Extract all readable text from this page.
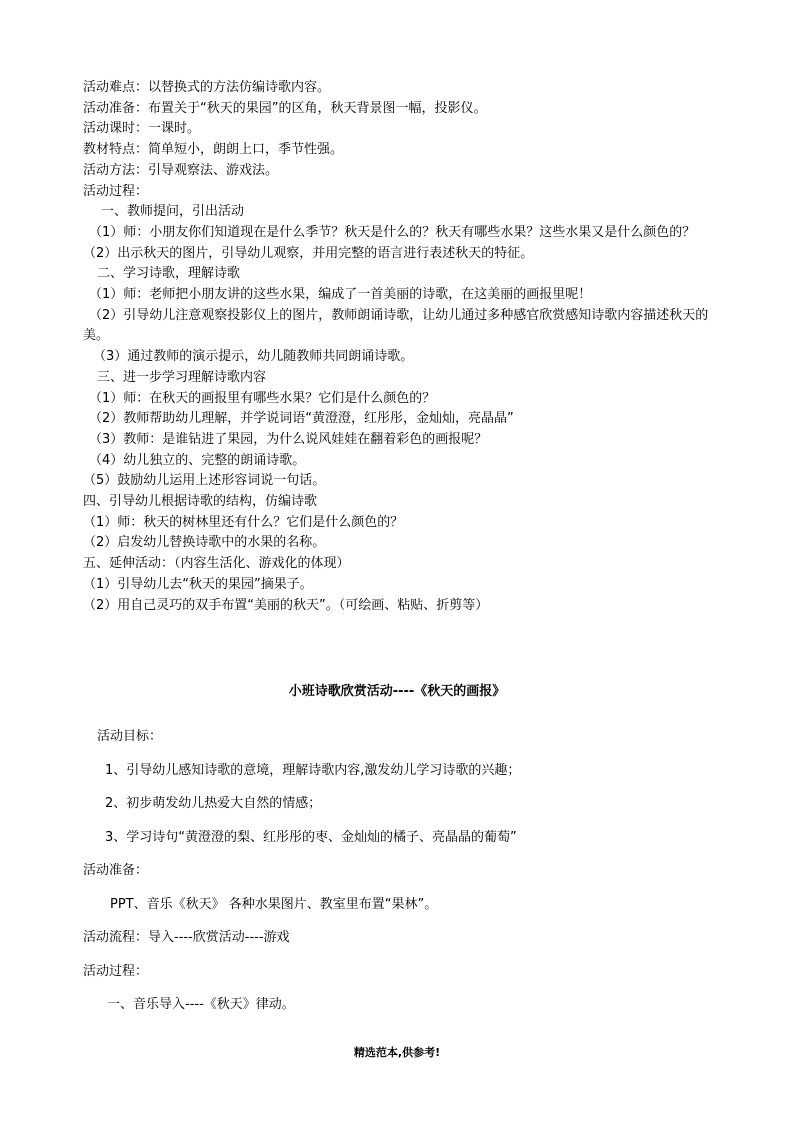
活动难点：以替换式的方法仿编诗歌内容。
活动准备：布置关于“秋天的果园”的区角，秋天背景图一幅，投影仪。
活动课时：一课时。
教材特点：简单短小，朗朗上口，季节性强。
活动方法：引导观察法、游戏法。
活动过程：
一、教师提问，引出活动
（1）师：小朋友你们知道现在是什么季节？秋天是什么的？秋天有哪些水果？这些水果又是什么颜色的？
（2）出示秋天的图片，引导幼儿观察，并用完整的语言进行表述秋天的特征。
二、学习诗歌，理解诗歌
（1）师：老师把小朋友讲的这些水果，编成了一首美丽的诗歌，在这美丽的画报里呢！
（2）引导幼儿注意观察投影仪上的图片，教师朗诵诗歌，让幼儿通过多种感官欣赏感知诗歌内容描述秋天的美。
（3）通过教师的演示提示，幼儿随教师共同朗诵诗歌。
三、进一步学习理解诗歌内容
（1）师：在秋天的画报里有哪些水果？它们是什么颜色的？
（2）教师帮助幼儿理解，并学说词语“黄澄澄，红彤彤，金灿灿，亮晶晶”
（3）教师：是谁钻进了果园，为什么说风娃娃在翻着彩色的画报呢？
（4）幼儿独立的、完整的朗诵诗歌。
（5）鼓励幼儿运用上述形容词说一句话。
四、引导幼儿根据诗歌的结构，仿编诗歌
（1）师：秋天的树林里还有什么？它们是什么颜色的？
（2）启发幼儿替换诗歌中的水果的名称。
五、延伸活动：（内容生活化、游戏化的体现）
（1）引导幼儿去“秋天的果园”摘果子。
（2）用自己灵巧的双手布置“美丽的秋天”。（可绘画、粘贴、折剪等）
小班诗歌欣赏活动----《秋天的画报》
活动目标：
1、引导幼儿感知诗歌的意境，理解诗歌内容,激发幼儿学习诗歌的兴趣；
2、初步萌发幼儿热爱大自然的情感；
3、学习诗句“黄澄澄的梨、红彤彤的枣、金灿灿的橘子、亮晶晶的葡萄”
活动准备：
PPT、音乐《秋天》 各种水果图片、教室里布置“果林”。
活动流程：导入----欣赏活动----游戏
活动过程：
一、音乐导入----《秋天》律动。
精选范本,供参考!
